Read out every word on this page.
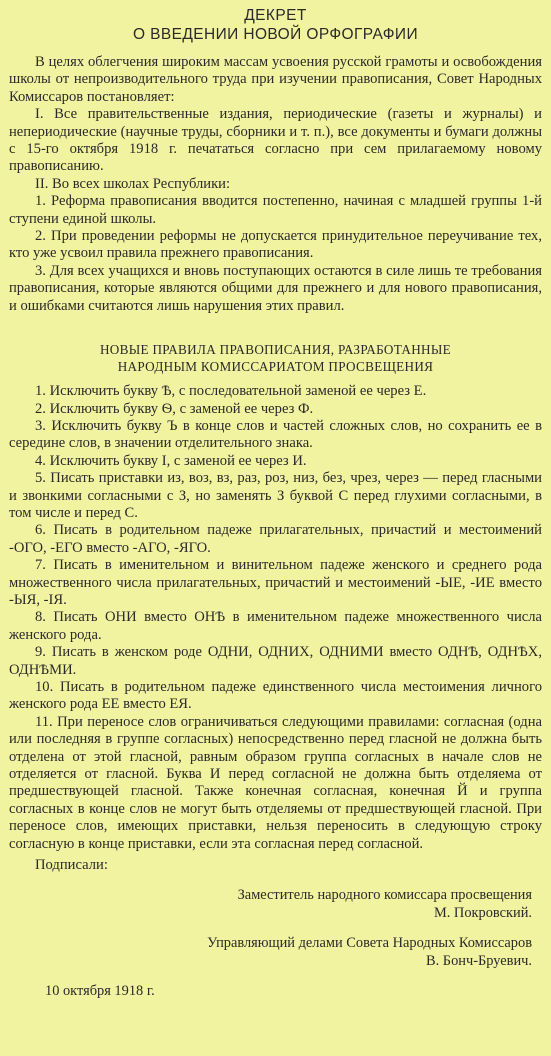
ДЕКРЕТ
О ВВЕДЕНИИ НОВОЙ ОРФОГРАФИИ

В целях облегчения широким массам усвоения русской грамоты и освобождения школы от непроизводительного труда при изучении правописания, Совет Народных Комиссаров постановляет:

I. Все правительственные издания, периодические (газеты и журналы) и непериодические (научные труды, сборники и т. п.), все документы и бумаги должны с 15-го октября 1918 г. печататься согласно при сем прилагаемому новому правописанию.

II. Во всех школах Республики:

1. Реформа правописания вводится постепенно, начиная с младшей группы 1-й ступени единой школы.

2. При проведении реформы не допускается принудительное переучивание тех, кто уже усвоил правила прежнего правописания.

3. Для всех учащихся и вновь поступающих остаются в силе лишь те требования правописания, которые являются общими для прежнего и для нового правописания, и ошибками считаются лишь нарушения этих правил.

НОВЫЕ ПРАВИЛА ПРАВОПИСАНИЯ, РАЗРАБОТАННЫЕ
НАРОДНЫМ КОМИССАРИАТОМ ПРОСВЕЩЕНИЯ

1. Исключить букву Ѣ, с последовательной заменой ее через Е.

2. Исключить букву Ѳ, с заменой ее через Ф.

3. Исключить букву Ъ в конце слов и частей сложных слов, но сохранить ее в середине слов, в значении отделительного знака.

4. Исключить букву I, с заменой ее через И.

5. Писать приставки из, воз, вз, раз, роз, низ, без, чрез, через — перед гласными и звонкими согласными с З, но заменять З буквой С перед глухими согласными, в том числе и перед С.

6. Писать в родительном падеже прилагательных, причастий и местоимений -ОГО, -ЕГО вместо -АГО, -ЯГО.

7. Писать в именительном и винительном падеже женского и среднего рода множественного числа прилагательных, причастий и местоимений -ЫЕ, -ИЕ вместо -ЫЯ, -IЯ.

8. Писать ОНИ вместо ОНѢ в именительном падеже множественного числа женского рода.

9. Писать в женском роде ОДНИ, ОДНИХ, ОДНИМИ вместо ОДНѢ, ОДНѢХ, ОДНѢМИ.

10. Писать в родительном падеже единственного числа местоимения личного женского рода ЕЕ вместо ЕЯ.

11. При переносе слов ограничиваться следующими правилами: согласная (одна или последняя в группе согласных) непосредственно перед гласной не должна быть отделена от этой гласной, равным образом группа согласных в начале слов не отделяется от гласной. Буква И перед согласной не должна быть отделяема от предшествующей гласной. Также конечная согласная, конечная Й и группа согласных в конце слов не могут быть отделяемы от предшествующей гласной. При переносе слов, имеющих приставки, нельзя переносить в следующую строку согласную в конце приставки, если эта согласная перед согласной.

Подписали:

Заместитель народного комиссара просвещения
М. Покровский.
Управляющий делами Совета Народных Комиссаров
В. Бонч-Бруевич.
10 октября 1918 г.
